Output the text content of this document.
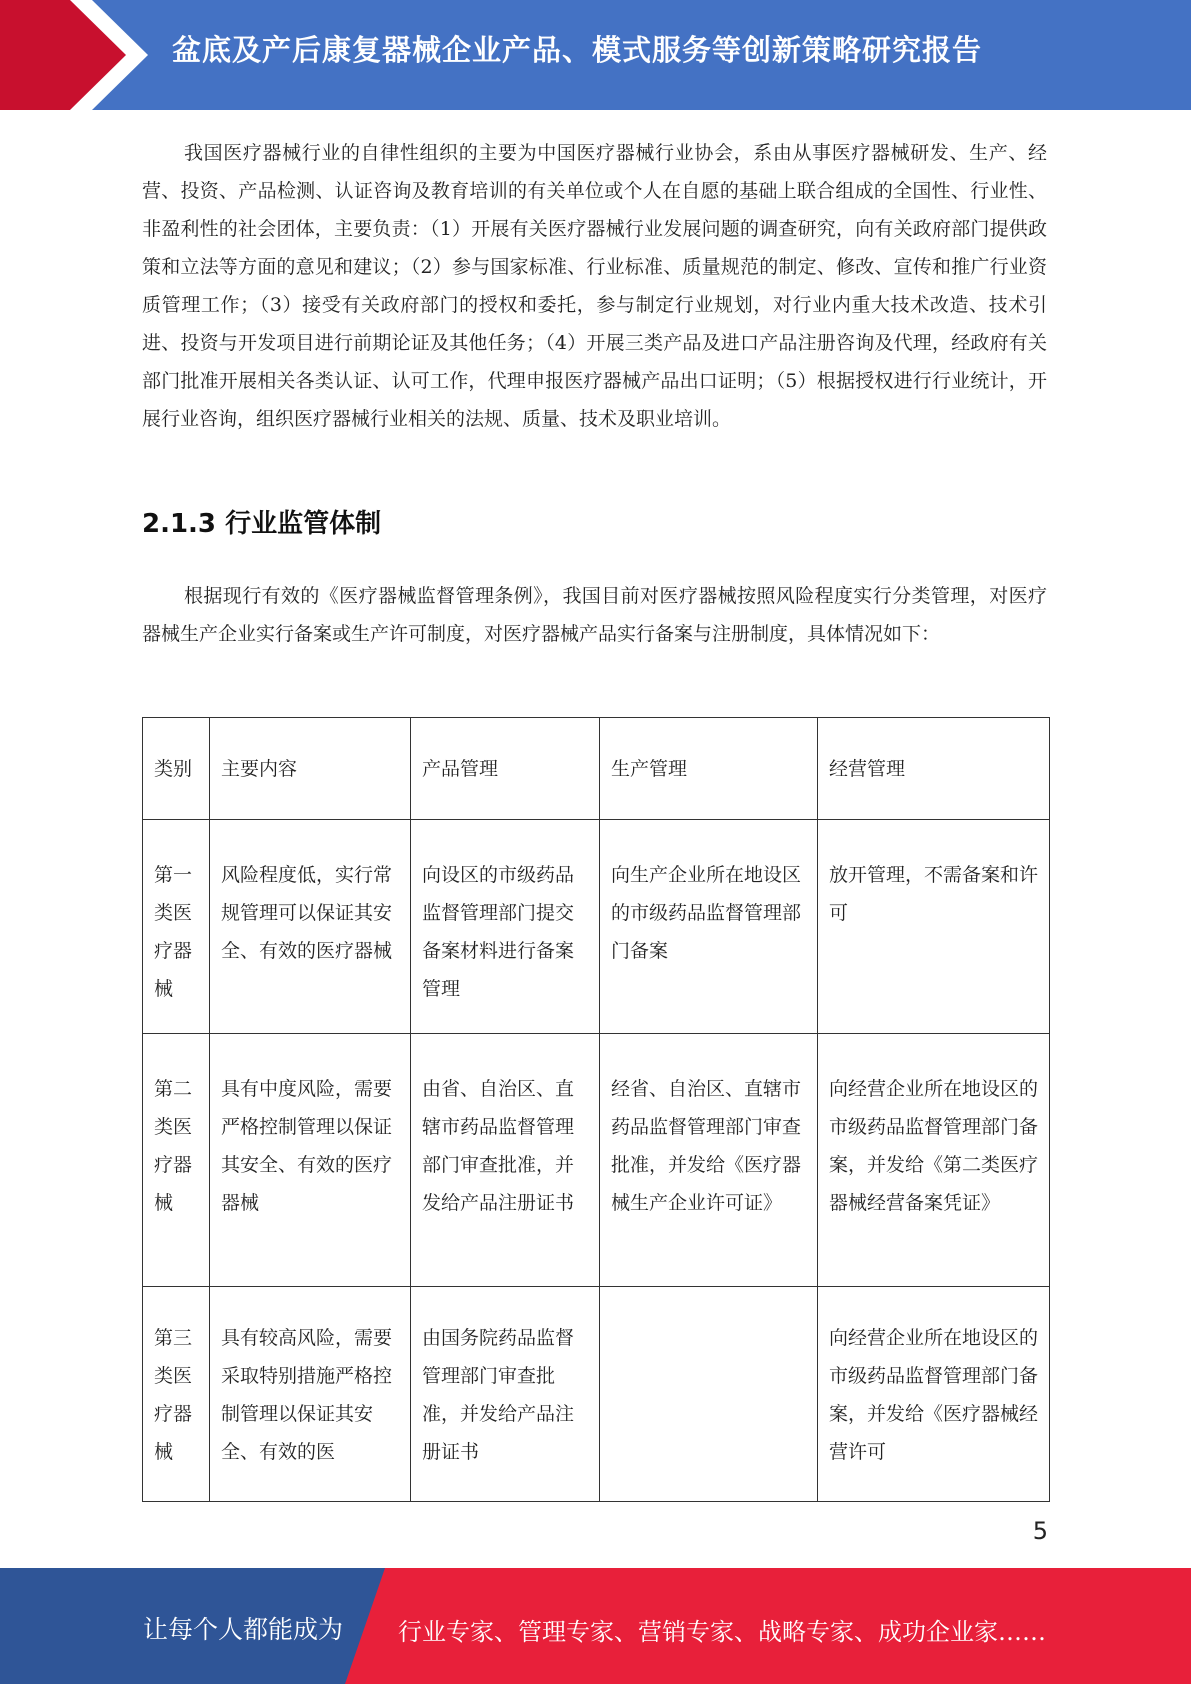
盆底及产后康复器械企业产品、模式服务等创新策略研究报告

我国医疗器械行业的自律性组织的主要为中国医疗器械行业协会，系由从事医疗器械研发、生产、经营、投资、产品检测、认证咨询及教育培训的有关单位或个人在自愿的基础上联合组成的全国性、行业性、非盈利性的社会团体，主要负责：（1）开展有关医疗器械行业发展问题的调查研究，向有关政府部门提供政策和立法等方面的意见和建议；（2）参与国家标准、行业标准、质量规范的制定、修改、宣传和推广行业资质管理工作；（3）接受有关政府部门的授权和委托，参与制定行业规划，对行业内重大技术改造、技术引进、投资与开发项目进行前期论证及其他任务；（4）开展三类产品及进口产品注册咨询及代理，经政府有关部门批准开展相关各类认证、认可工作，代理申报医疗器械产品出口证明；（5）根据授权进行行业统计，开展行业咨询，组织医疗器械行业相关的法规、质量、技术及职业培训。

2.1.3 行业监管体制

根据现行有效的《医疗器械监督管理条例》，我国目前对医疗器械按照风险程度实行分类管理，对医疗器械生产企业实行备案或生产许可制度，对医疗器械产品实行备案与注册制度，具体情况如下：

类别	主要内容	产品管理	生产管理	经营管理
第一类医疗器械	风险程度低，实行常规管理可以保证其安全、有效的医疗器械	向设区的市级药品监督管理部门提交备案材料进行备案管理	向生产企业所在地设区的市级药品监督管理部门备案	放开管理，不需备案和许可
第二类医疗器械	具有中度风险，需要严格控制管理以保证其安全、有效的医疗器械	由省、自治区、直辖市药品监督管理部门审查批准，并发给产品注册证书	经省、自治区、直辖市药品监督管理部门审查批准，并发给《医疗器械生产企业许可证》	向经营企业所在地设区的市级药品监督管理部门备案，并发给《第二类医疗器械经营备案凭证》
第三类医疗器械	具有较高风险，需要采取特别措施严格控制管理以保证其安全、有效的医	由国务院药品监督管理部门审查批准，并发给产品注册证书		向经营企业所在地设区的市级药品监督管理部门备案，并发给《医疗器械经营许可
5
让每个人都能成为 行业专家、管理专家、营销专家、战略专家、成功企业家……
